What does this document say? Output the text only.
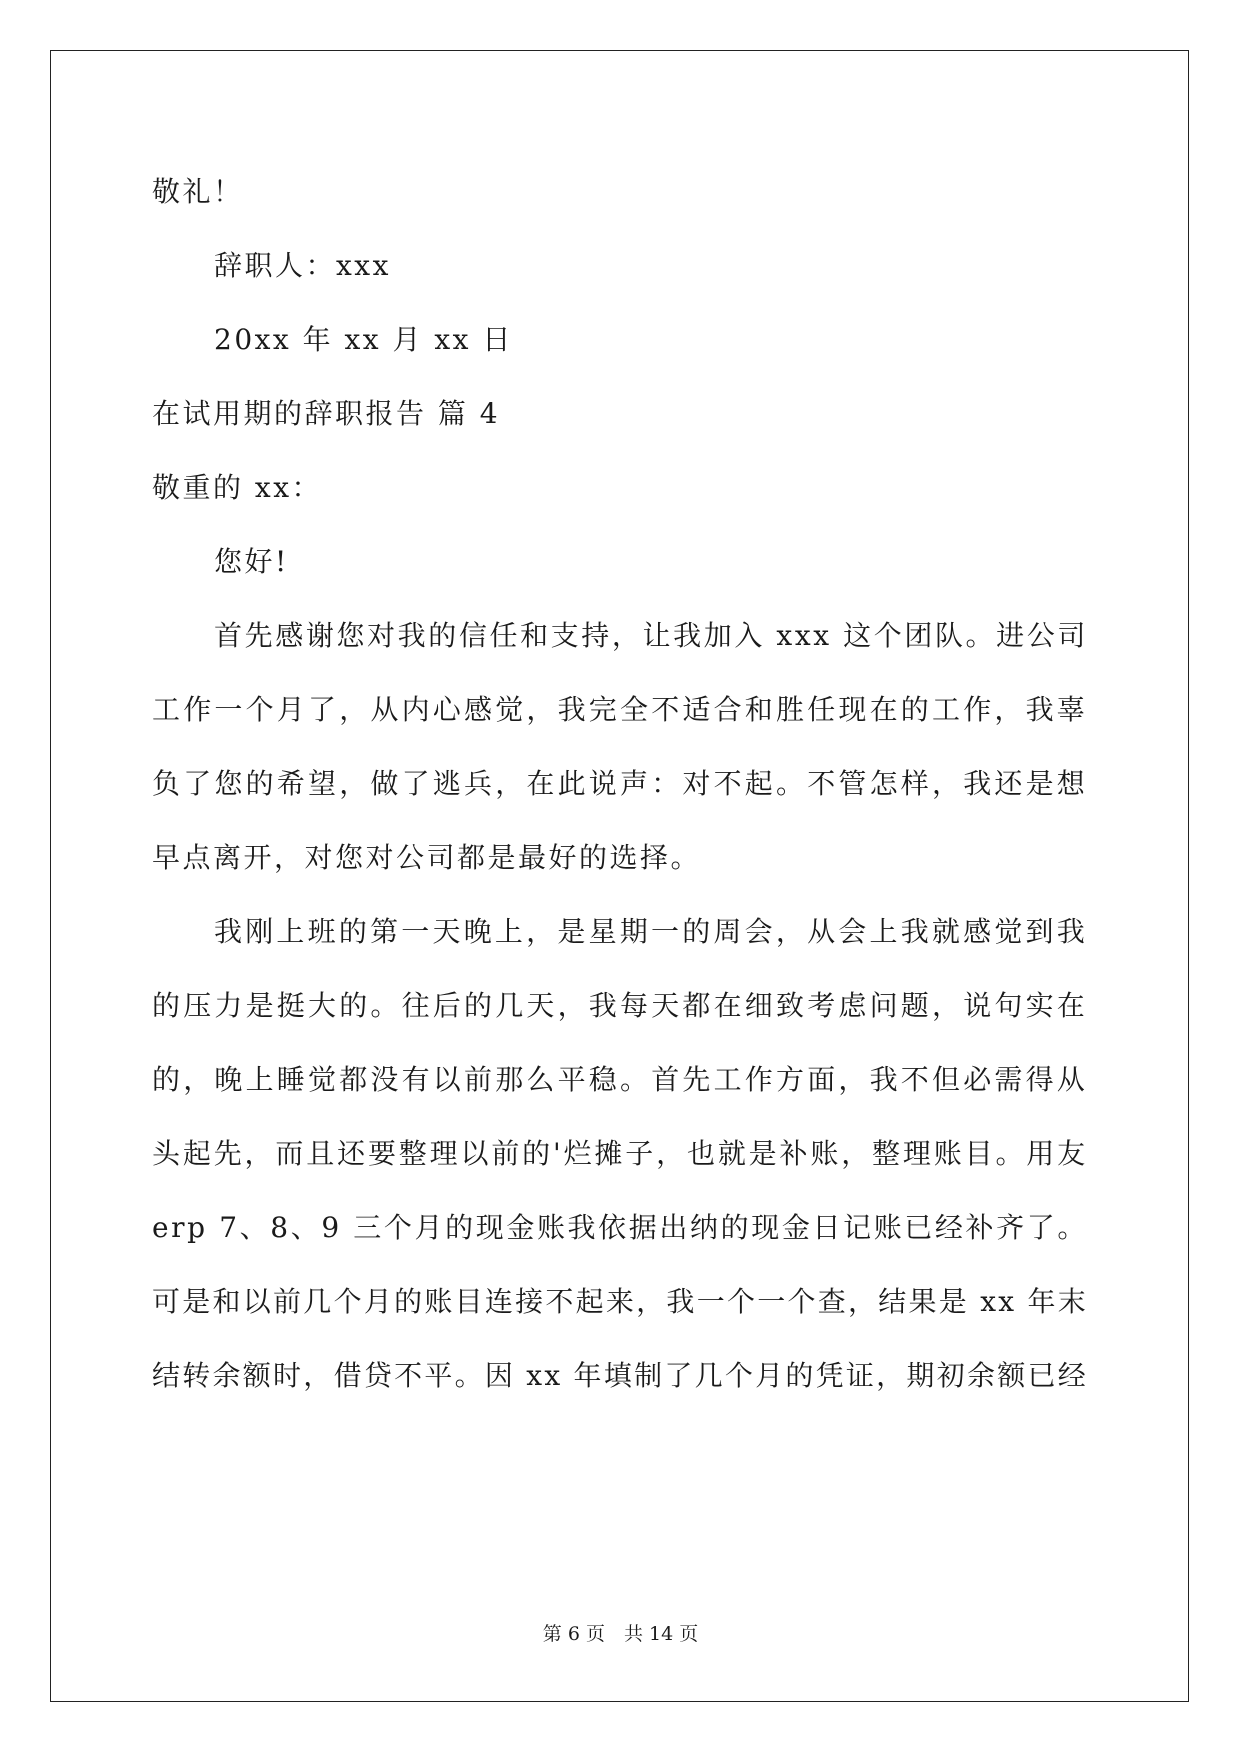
敬礼！
辞职人：xxx
20xx 年 xx 月 xx 日
在试用期的辞职报告 篇 4
敬重的 xx：
您好!
首先感谢您对我的信任和支持，让我加入 xxx 这个团队。进公司
工作一个月了，从内心感觉，我完全不适合和胜任现在的工作，我辜
负了您的希望，做了逃兵，在此说声：对不起。不管怎样，我还是想
早点离开，对您对公司都是最好的选择。
我刚上班的第一天晚上，是星期一的周会，从会上我就感觉到我
的压力是挺大的。往后的几天，我每天都在细致考虑问题，说句实在
的，晚上睡觉都没有以前那么平稳。首先工作方面，我不但必需得从
头起先，而且还要整理以前的'烂摊子，也就是补账，整理账目。用友
erp 7、8、9 三个月的现金账我依据出纳的现金日记账已经补齐了。
可是和以前几个月的账目连接不起来，我一个一个查，结果是 xx 年末
结转余额时，借贷不平。因 xx 年填制了几个月的凭证，期初余额已经
第 6 页　共 14 页
